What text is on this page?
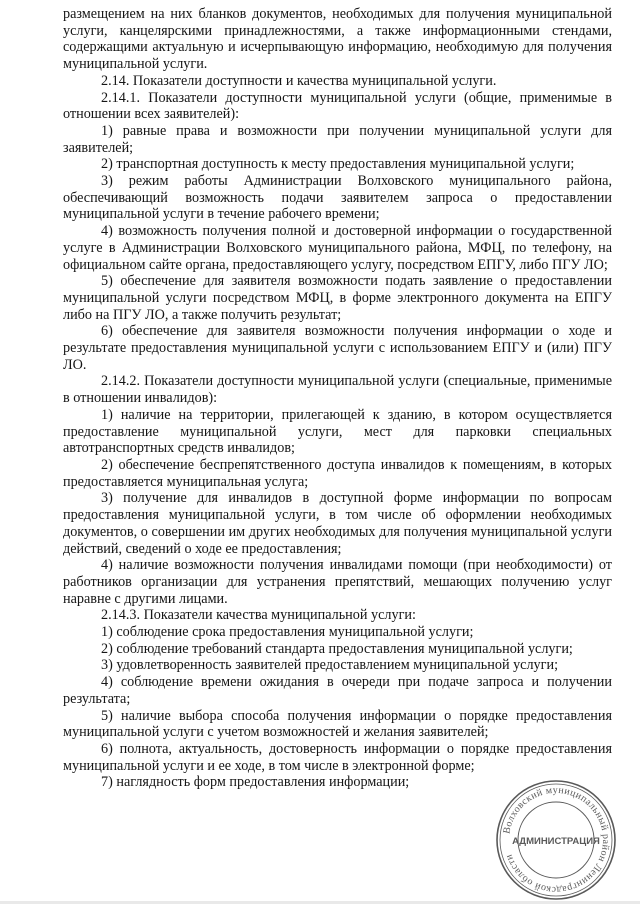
размещением на них бланков документов, необходимых для получения муниципальной услуги, канцелярскими принадлежностями, а также информационными стендами, содержащими актуальную и исчерпывающую информацию, необходимую для получения муниципальной услуги.

2.14. Показатели доступности и качества муниципальной услуги.

2.14.1. Показатели доступности муниципальной услуги (общие, применимые в отношении всех заявителей):

1) равные права и возможности при получении муниципальной услуги для заявителей;

2) транспортная доступность к месту предоставления муниципальной услуги;

3) режим работы Администрации Волховского муниципального района, обеспечивающий возможность подачи заявителем запроса о предоставлении муниципальной услуги в течение рабочего времени;

4) возможность получения полной и достоверной информации о государственной услуге в Администрации Волховского муниципального района, МФЦ, по телефону, на официальном сайте органа, предоставляющего услугу, посредством ЕПГУ, либо ПГУ ЛО;

5) обеспечение для заявителя возможности подать заявление о предоставлении муниципальной услуги посредством МФЦ, в форме электронного документа на ЕПГУ либо на ПГУ ЛО, а также получить результат;

6) обеспечение для заявителя возможности получения информации о ходе и результате предоставления муниципальной услуги с использованием ЕПГУ и (или) ПГУ ЛО.

2.14.2. Показатели доступности муниципальной услуги (специальные, применимые в отношении инвалидов):

1) наличие на территории, прилегающей к зданию, в котором осуществляется предоставление муниципальной услуги, мест для парковки специальных автотранспортных средств инвалидов;

2) обеспечение беспрепятственного доступа инвалидов к помещениям, в которых предоставляется муниципальная услуга;

3) получение для инвалидов в доступной форме информации по вопросам предоставления муниципальной услуги, в том числе об оформлении необходимых документов, о совершении им других необходимых для получения муниципальной услуги действий, сведений о ходе ее предоставления;

4) наличие возможности получения инвалидами помощи (при необходимости) от работников организации для устранения препятствий, мешающих получению услуг наравне с другими лицами.

2.14.3. Показатели качества муниципальной услуги:

1) соблюдение срока предоставления муниципальной услуги;

2) соблюдение требований стандарта предоставления муниципальной услуги;

3) удовлетворенность заявителей предоставлением муниципальной услуги;

4) соблюдение времени ожидания в очереди при подаче запроса и получении результата;

5) наличие выбора способа получения информации о порядке предоставления муниципальной услуги с учетом возможностей и желания заявителей;

6) полнота, актуальность, достоверность информации о порядке предоставления муниципальной услуги и ее ходе, в том числе в электронной форме;

7) наглядность форм предоставления информации;

Волховский муниципальный район Ленинградской области
АДМИНИСТРАЦИЯ
